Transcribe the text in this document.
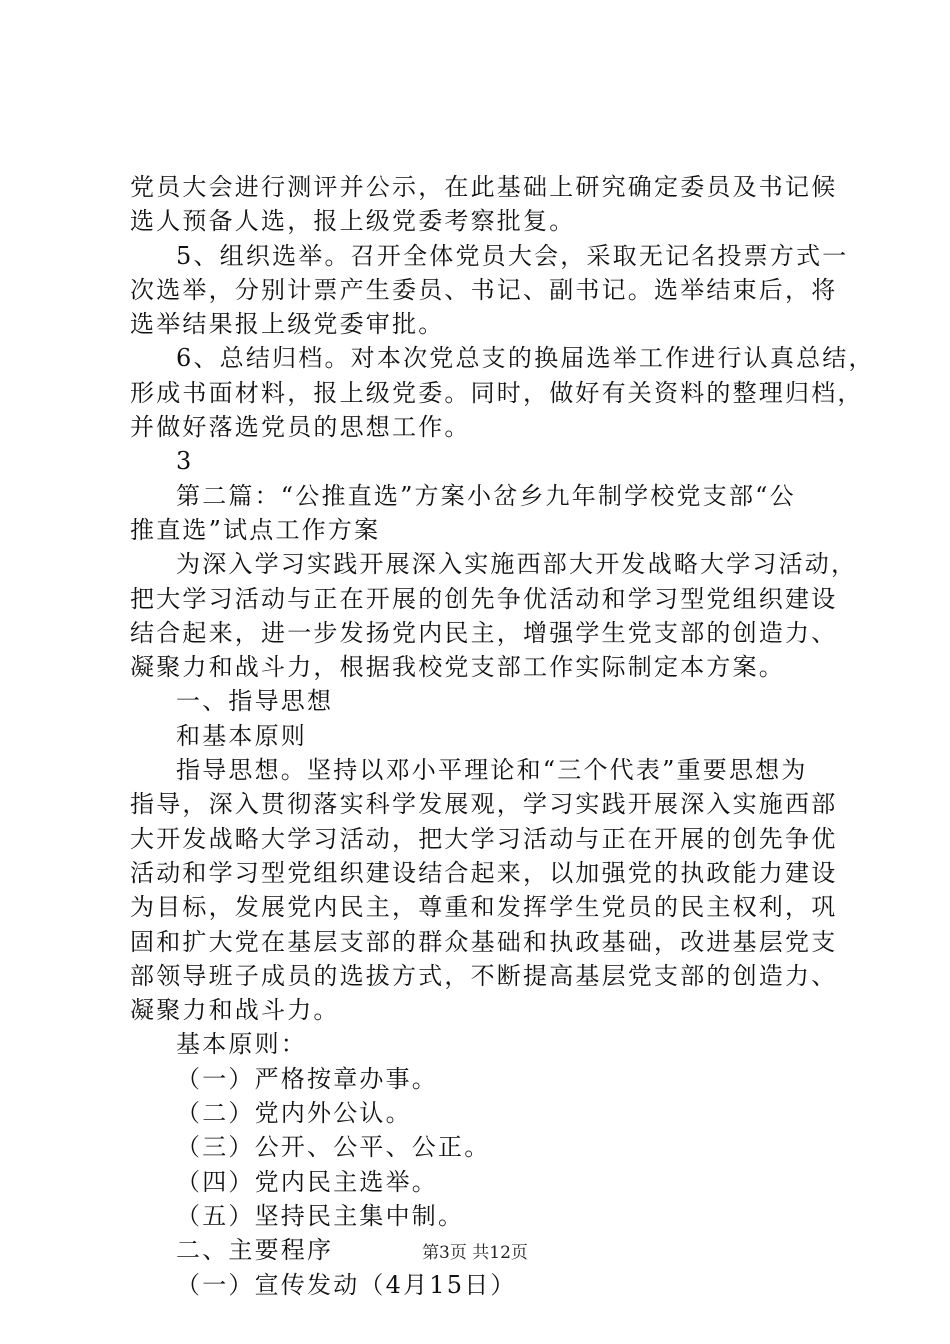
党员大会进行测评并公示，在此基础上研究确定委员及书记候
选人预备人选，报上级党委考察批复。
5、组织选举。召开全体党员大会，采取无记名投票方式一
次选举，分别计票产生委员、书记、副书记。选举结束后，将
选举结果报上级党委审批。
6、总结归档。对本次党总支的换届选举工作进行认真总结，
形成书面材料，报上级党委。同时，做好有关资料的整理归档，
并做好落选党员的思想工作。
3
第二篇：“公推直选”方案小岔乡九年制学校党支部“公
推直选”试点工作方案
为深入学习实践开展深入实施西部大开发战略大学习活动，
把大学习活动与正在开展的创先争优活动和学习型党组织建设
结合起来，进一步发扬党内民主，增强学生党支部的创造力、
凝聚力和战斗力，根据我校党支部工作实际制定本方案。
一、指导思想
和基本原则
指导思想。坚持以邓小平理论和“三个代表”重要思想为
指导，深入贯彻落实科学发展观，学习实践开展深入实施西部
大开发战略大学习活动，把大学习活动与正在开展的创先争优
活动和学习型党组织建设结合起来，以加强党的执政能力建设
为目标，发展党内民主，尊重和发挥学生党员的民主权利，巩
固和扩大党在基层支部的群众基础和执政基础，改进基层党支
部领导班子成员的选拔方式，不断提高基层党支部的创造力、
凝聚力和战斗力。
基本原则：
（一）严格按章办事。
（二）党内外公认。
（三）公开、公平、公正。
（四）党内民主选举。
（五）坚持民主集中制。
二、主要程序
（一）宣传发动（4月15日）
第3页 共12页
